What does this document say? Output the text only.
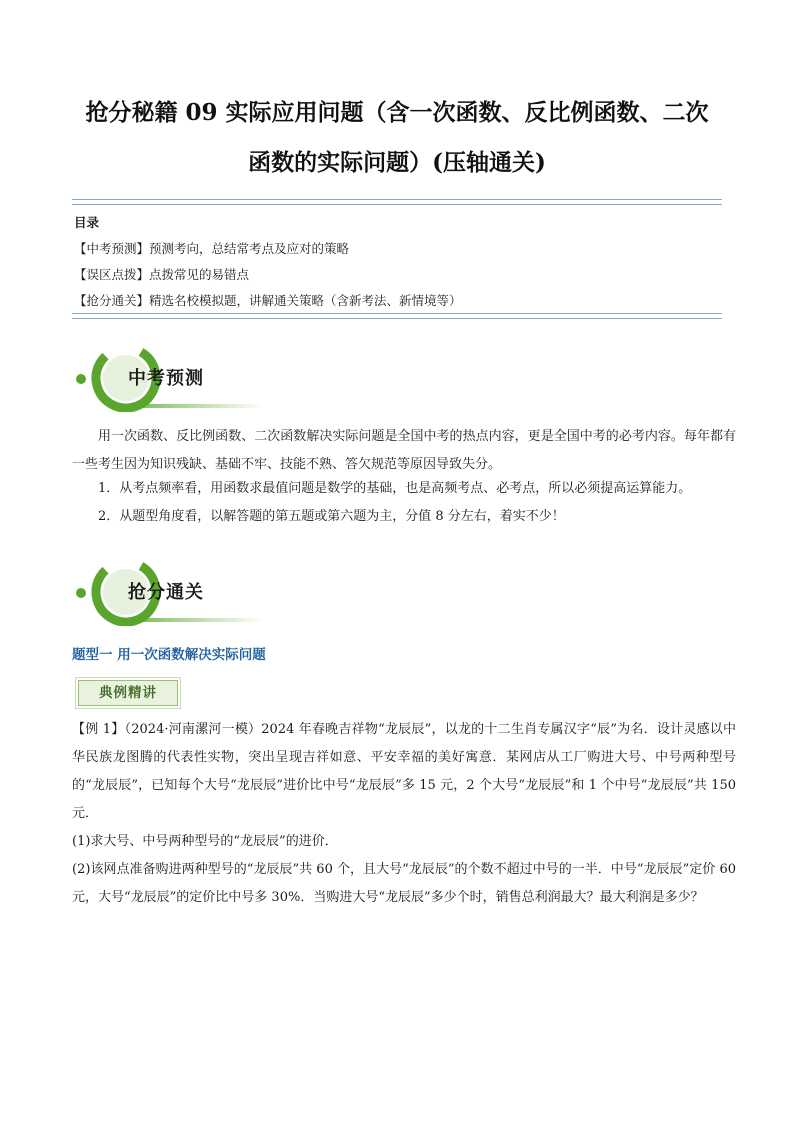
抢分秘籍 09 实际应用问题（含一次函数、反比例函数、二次
函数的实际问题）(压轴通关)
目录
【中考预测】预测考向，总结常考点及应对的策略
【误区点拨】点拨常见的易错点
【抢分通关】精选名校模拟题，讲解通关策略（含新考法、新情境等）
中考预测
用一次函数、反比例函数、二次函数解决实际问题是全国中考的热点内容，更是全国中考的必考内容。每年都有一些考生因为知识残缺、基础不牢、技能不熟、答欠规范等原因导致失分。
1．从考点频率看，用函数求最值问题是数学的基础，也是高频考点、必考点，所以必须提高运算能力。
2．从题型角度看，以解答题的第五题或第六题为主，分值 8 分左右，着实不少！
抢分通关
题型一 用一次函数解决实际问题
典例精讲
【例 1】（2024·河南漯河一模）2024 年春晚吉祥物“龙辰辰”，以龙的十二生肖专属汉字“辰”为名．设计灵感以中华民族龙图腾的代表性实物，突出呈现吉祥如意、平安幸福的美好寓意．某网店从工厂购进大号、中号两种型号的“龙辰辰”，已知每个大号“龙辰辰”进价比中号“龙辰辰”多 15 元，2 个大号“龙辰辰”和 1 个中号“龙辰辰”共 150 元．
(1)求大号、中号两种型号的“龙辰辰”的进价．
(2)该网点准备购进两种型号的“龙辰辰”共 60 个，且大号“龙辰辰”的个数不超过中号的一半．中号“龙辰辰”定价 60 元，大号“龙辰辰”的定价比中号多 30%．当购进大号“龙辰辰”多少个时，销售总利润最大？最大利润是多少？
